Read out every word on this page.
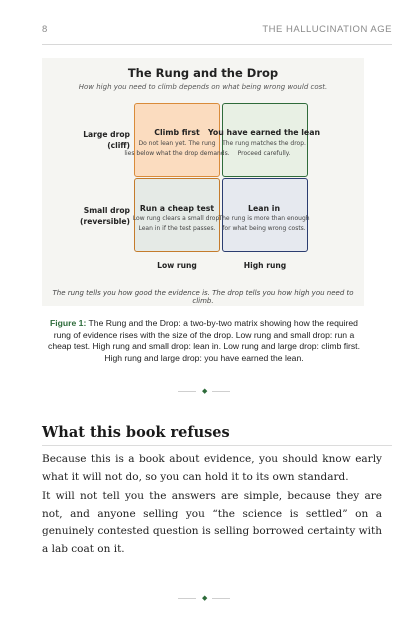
8	THE HALLUCINATION AGE
The Rung and the Drop
How high you need to climb depends on what being wrong would cost.
Large drop
(cliff)
Small drop
(reversible)
Climb first
Do not lean yet. The rung
lies below what the drop demands.
You have earned the lean
The rung matches the drop.
Proceed carefully.
Run a cheap test
Low rung clears a small drop.
Lean in if the test passes.
Lean in
The rung is more than enough
for what being wrong costs.
Low rung	High rung
The rung tells you how good the evidence is. The drop tells you how high you need to climb.
Figure 1: The Rung and the Drop: a two-by-two matrix showing how the required rung of evidence rises with the size of the drop. Low rung and small drop: run a cheap test. High rung and small drop: lean in. Low rung and large drop: climb first. High rung and large drop: you have earned the lean.
◆
What this book refuses
Because this is a book about evidence, you should know early what it will not do, so you can hold it to its own standard.
It will not tell you the answers are simple, because they are not, and anyone selling you “the science is settled” on a genuinely contested question is selling borrowed certainty with a lab coat on it.
◆
